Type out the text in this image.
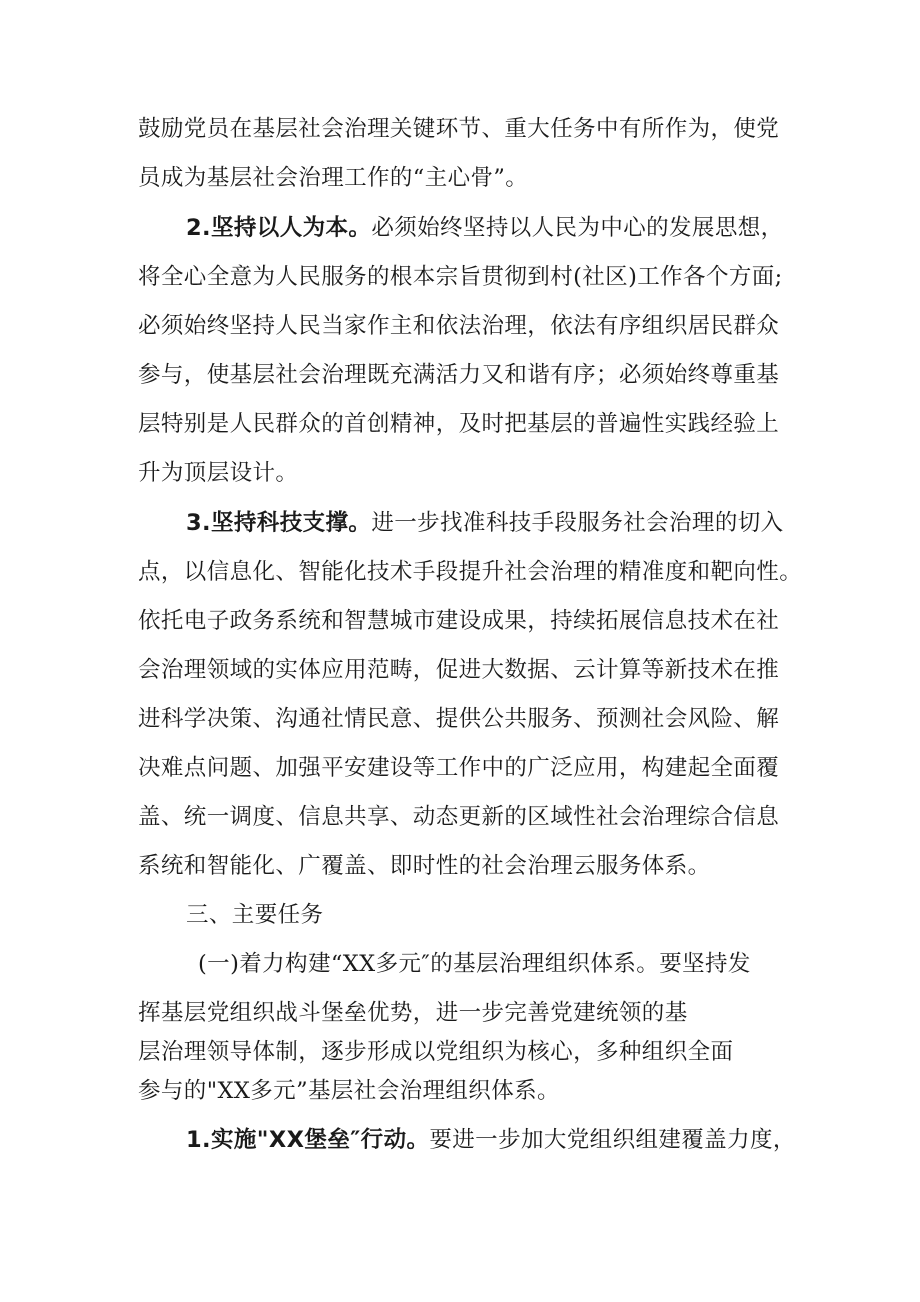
鼓励党员在基层社会治理关键环节、重大任务中有所作为，使党
员成为基层社会治理工作的“主心骨”。
2.坚持以人为本。必须始终坚持以人民为中心的发展思想，
将全心全意为人民服务的根本宗旨贯彻到村(社区)工作各个方面;
必须始终坚持人民当家作主和依法治理，依法有序组织居民群众
参与，使基层社会治理既充满活力又和谐有序；必须始终尊重基
层特别是人民群众的首创精神，及时把基层的普遍性实践经验上
升为顶层设计。
3.坚持科技支撑。进一步找准科技手段服务社会治理的切入
点，以信息化、智能化技术手段提升社会治理的精准度和靶向性。
依托电子政务系统和智慧城市建设成果，持续拓展信息技术在社
会治理领域的实体应用范畴，促进大数据、云计算等新技术在推
进科学决策、沟通社情民意、提供公共服务、预测社会风险、解
决难点问题、加强平安建设等工作中的广泛应用，构建起全面覆
盖、统一调度、信息共享、动态更新的区域性社会治理综合信息
系统和智能化、广覆盖、即时性的社会治理云服务体系。
三、主要任务
(一)着力构建“XX多元″的基层治理组织体系。要坚持发
挥基层党组织战斗堡垒优势，进一步完善党建统领的基
层治理领导体制，逐步形成以党组织为核心，多种组织全面
参与的"XX多元”基层社会治理组织体系。
1.实施"XX堡垒″行动。要进一步加大党组织组建覆盖力度，
